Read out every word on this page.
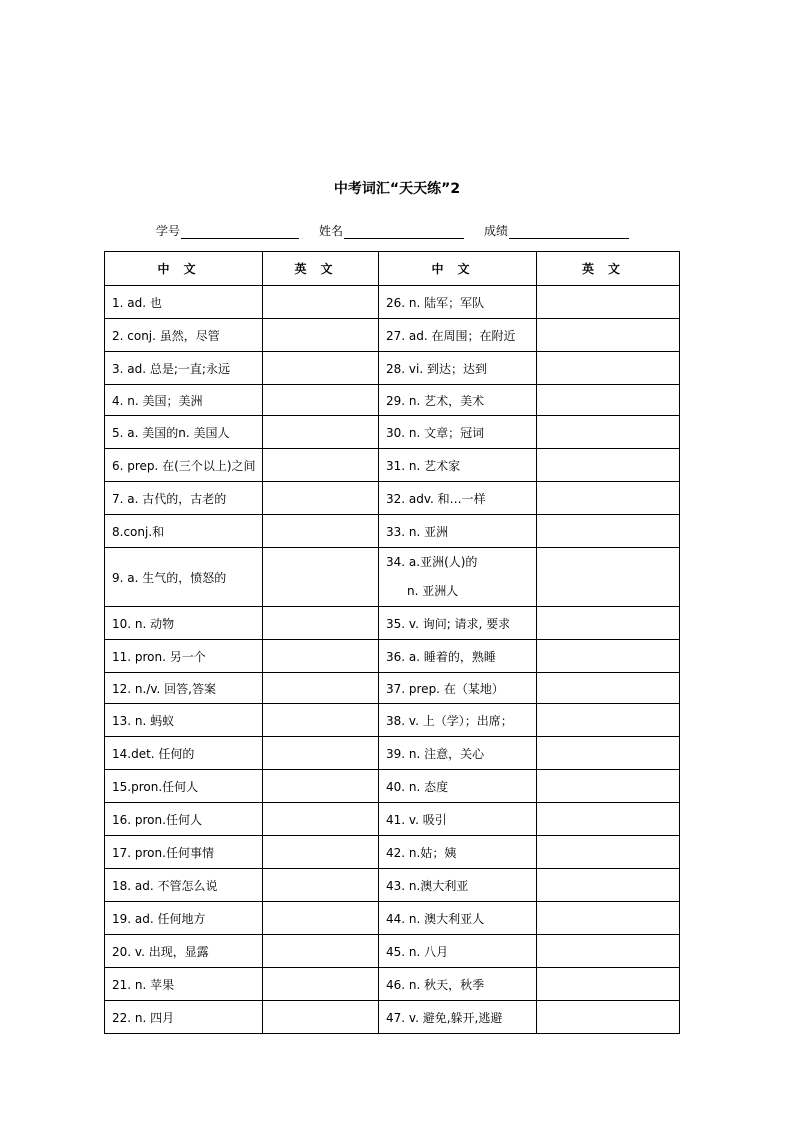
中考词汇“天天练”2
学号	姓名	成绩
中文	英文	中文	英文
1. ad. 也		26. n. 陆军；军队	
2. conj. 虽然，尽管		27. ad. 在周围；在附近	
3. ad. 总是;一直;永远		28. vi. 到达；达到	
4. n. 美国；美洲		29. n. 艺术，美术	
5. a. 美国的n. 美国人		30. n. 文章；冠词	
6. prep. 在(三个以上)之间		31. n. 艺术家	
7. a. 古代的，古老的		32. adv. 和…一样	
8.conj.和		33. n. 亚洲	
9. a. 生气的，愤怒的		34. a.亚洲(人)的
n. 亚洲人	

10. n. 动物		35. v. 询问; 请求, 要求	
11. pron. 另一个		36. a. 睡着的，熟睡	
12. n./v. 回答,答案		37. prep. 在（某地）	
13. n. 蚂蚁		38. v. 上（学）；出席；	
14.det. 任何的		39. n. 注意，关心	
15.pron.任何人		40. n. 态度	
16. pron.任何人		41. v. 吸引	
17. pron.任何事情		42. n.姑；姨	
18. ad. 不管怎么说		43. n.澳大利亚	
19. ad. 任何地方		44. n. 澳大利亚人	
20. v. 出现，显露		45. n. 八月	
21. n. 苹果		46. n. 秋天，秋季	
22. n. 四月		47. v. 避免,躲开,逃避	
